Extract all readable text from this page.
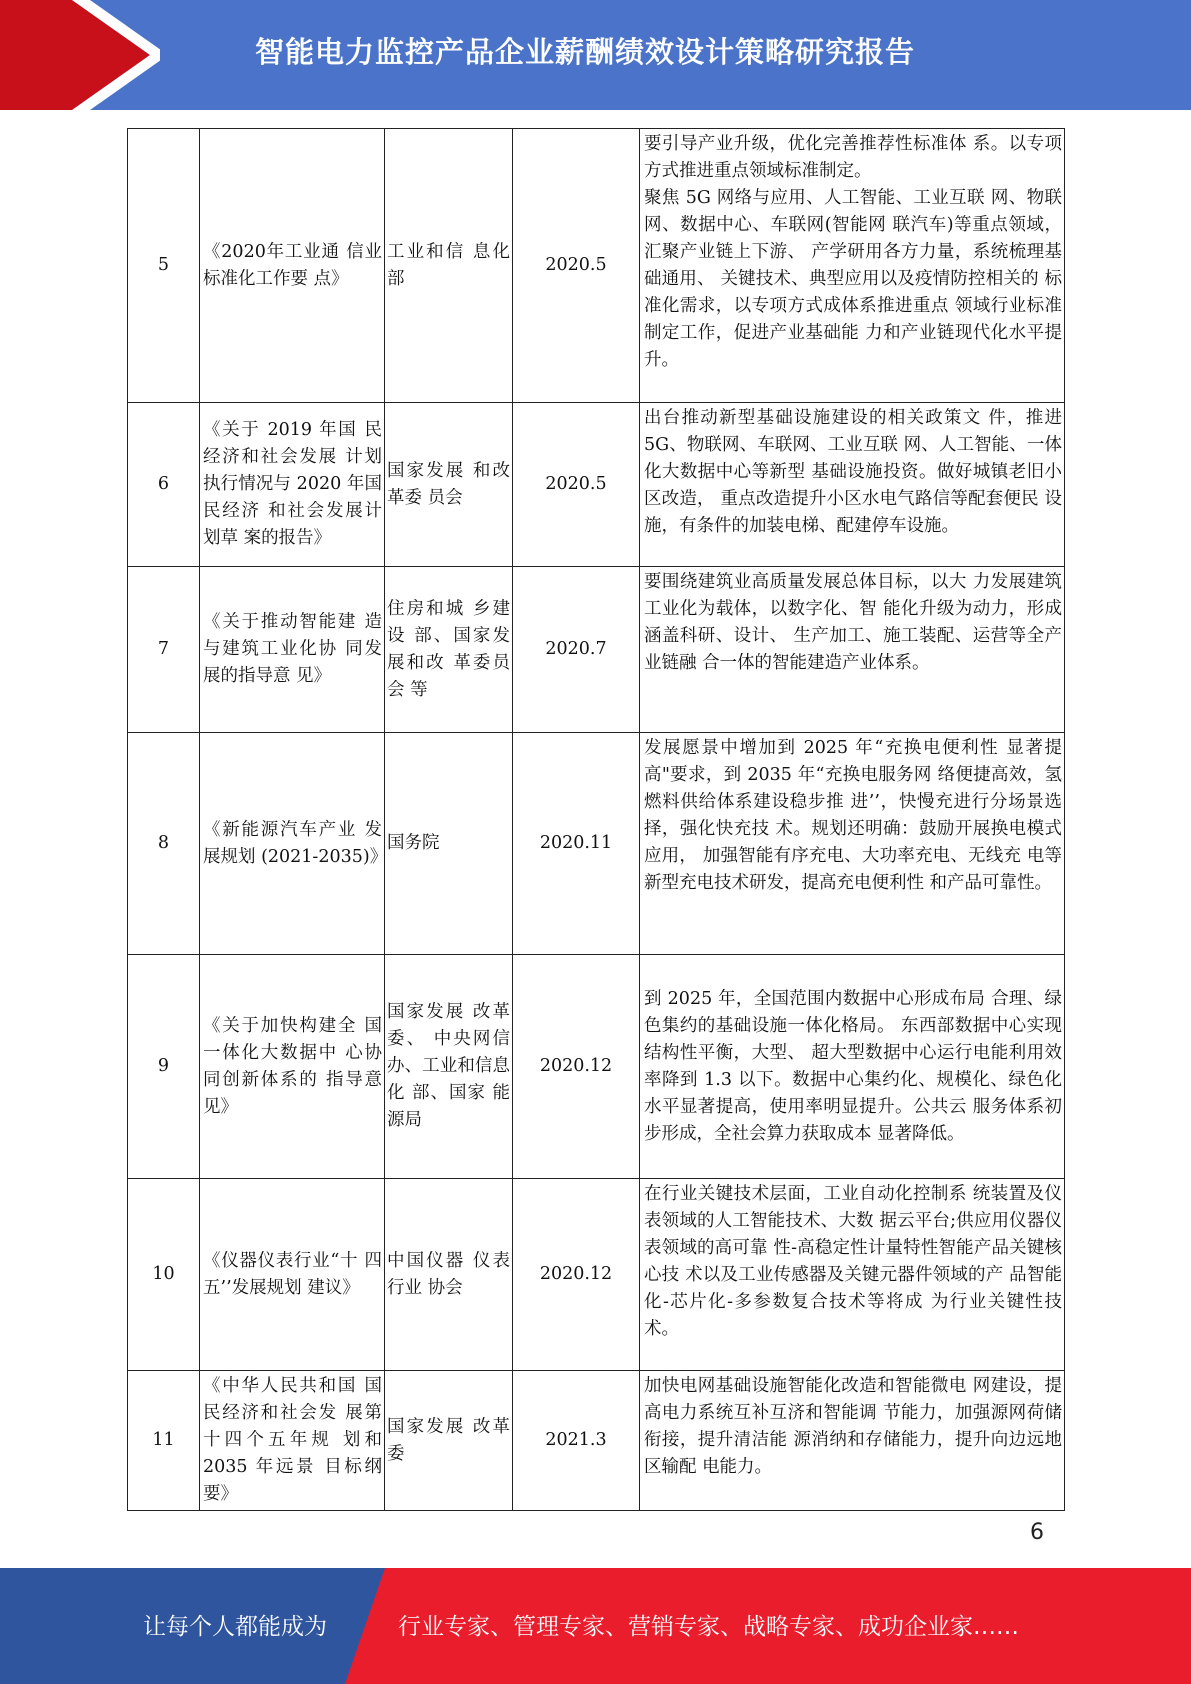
智能电力监控产品企业薪酬绩效设计策略研究报告
5	《2020年工业通 信业标准化工作要 点》	工业和信 息化部	2020.5	要引导产业升级，优化完善推荐性标准体 系。以专项方式推进重点领域标准制定。
聚焦 5G 网络与应用、人工智能、工业互联 网、物联网、数据中心、车联网(智能网 联汽车)等重点领域，汇聚产业链上下游、 产学研用各方力量，系统梳理基础通用、 关键技术、典型应用以及疫情防控相关的 标准化需求，以专项方式成体系推进重点 领域行业标准制定工作，促进产业基础能 力和产业链现代化水平提升。
6	《关于 2019 年国 民经济和社会发展 计划执行情况与 2020 年国民经济 和社会发展计划草 案的报告》	国家发展 和改革委 员会	2020.5	出台推动新型基础设施建设的相关政策文 件，推进 5G、物联网、车联网、工业互联 网、人工智能、一体化大数据中心等新型 基础设施投资。做好城镇老旧小区改造， 重点改造提升小区水电气路信等配套便民 设施，有条件的加装电梯、配建停车设施。
7	《关于推动智能建 造与建筑工业化协 同发展的指导意 见》	住房和城 乡建设 部、国家发展和改 革委员会 等	2020.7	要围绕建筑业高质量发展总体目标，以大 力发展建筑工业化为载体，以数字化、智 能化升级为动力，形成涵盖科研、设计、 生产加工、施工装配、运营等全产业链融 合一体的智能建造产业体系。
8	《新能源汽车产业 发展规划 (2021-2035)》	国务院	2020.11	发展愿景中增加到 2025 年“充换电便利性 显著提高"要求，到 2035 年“充换电服务网 络便捷高效，氢燃料供给体系建设稳步推 进’’，快慢充进行分场景选择，强化快充技 术。规划还明确：鼓励开展换电模式应用， 加强智能有序充电、大功率充电、无线充 电等新型充电技术研发，提高充电便利性 和产品可靠性。
9	《关于加快构建全 国一体化大数据中 心协同创新体系的 指导意见》	国家发展 改革委、 中央网信 办、工业和信息化 部、国家 能源局	2020.12	到 2025 年，全国范围内数据中心形成布局 合理、绿色集约的基础设施一体化格局。 东西部数据中心实现结构性平衡，大型、 超大型数据中心运行电能利用效率降到 1.3 以下。数据中心集约化、规模化、绿色化 水平显著提高，使用率明显提升。公共云 服务体系初步形成，全社会算力获取成本 显著降低。
10	《仪器仪表行业“十 四五’’发展规划 建议》	中国仪器 仪表行业 协会	2020.12	在行业关键技术层面，工业自动化控制系 统装置及仪表领域的人工智能技术、大数 据云平台;供应用仪器仪表领域的高可靠 性-高稳定性计量特性智能产品关键核心技 术以及工业传感器及关键元器件领域的产 品智能化-芯片化-多参数复合技术等将成 为行业关键性技术。
11	《中华人民共和国 国民经济和社会发 展第十四个五年规 划和 2035 年远景 目标纲要》	国家发展 改革委	2021.3	加快电网基础设施智能化改造和智能微电 网建设，提高电力系统互补互济和智能调 节能力，加强源网荷储衔接，提升清洁能 源消纳和存储能力，提升向边远地区输配 电能力。
6
让每个人都能成为	行业专家、管理专家、营销专家、战略专家、成功企业家……
